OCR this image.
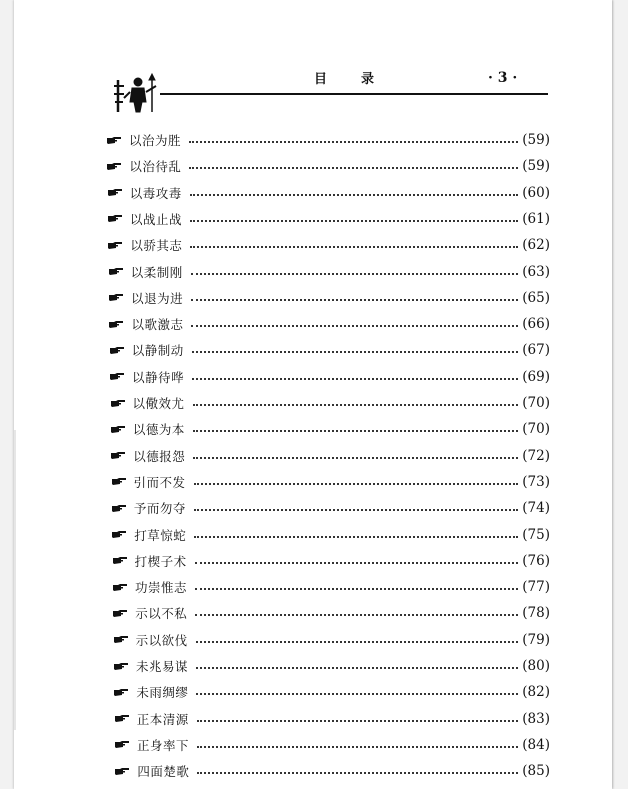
目录	· 3 ·
以治为胜	(59)
以治待乱	(59)
以毒攻毒	(60)
以战止战	(61)
以骄其志	(62)
以柔制刚	(63)
以退为进	(65)
以歌激志	(66)
以静制动	(67)
以静待哗	(69)
以儆效尤	(70)
以德为本	(70)
以德报怨	(72)
引而不发	(73)
予而勿夺	(74)
打草惊蛇	(75)
打楔子术	(76)
功崇惟志	(77)
示以不私	(78)
示以欲伐	(79)
未兆易谋	(80)
未雨绸缪	(82)
正本清源	(83)
正身率下	(84)
四面楚歌	(85)
